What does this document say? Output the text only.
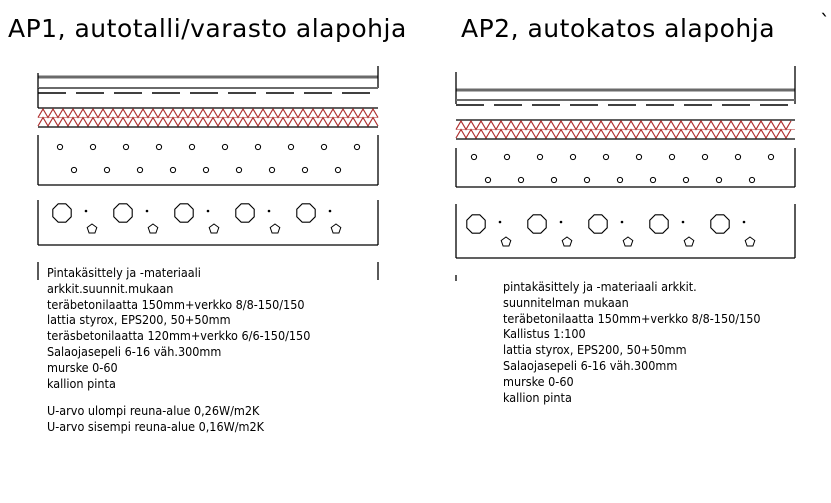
AP1, autotalli/varasto alapohja AP2, autokatos alapohja `
Pintakäsittely ja -materiaali
arkkit.suunnit.mukaan
teräbetonilaatta 150mm+verkko 8/8-150/150
lattia styrox, EPS200, 50+50mm
teräsbetonilaatta 120mm+verkko 6/6-150/150
Salaojasepeli 6-16 väh.300mm
murske 0-60
kallion pinta
U-arvo ulompi reuna-alue 0,26W/m2K
U-arvo sisempi reuna-alue 0,16W/m2K
pintakäsittely ja -materiaali arkkit.
suunnitelman mukaan
teräbetonilaatta 150mm+verkko 8/8-150/150
Kallistus 1:100
lattia styrox, EPS200, 50+50mm
Salaojasepeli 6-16 väh.300mm
murske 0-60
kallion pinta
